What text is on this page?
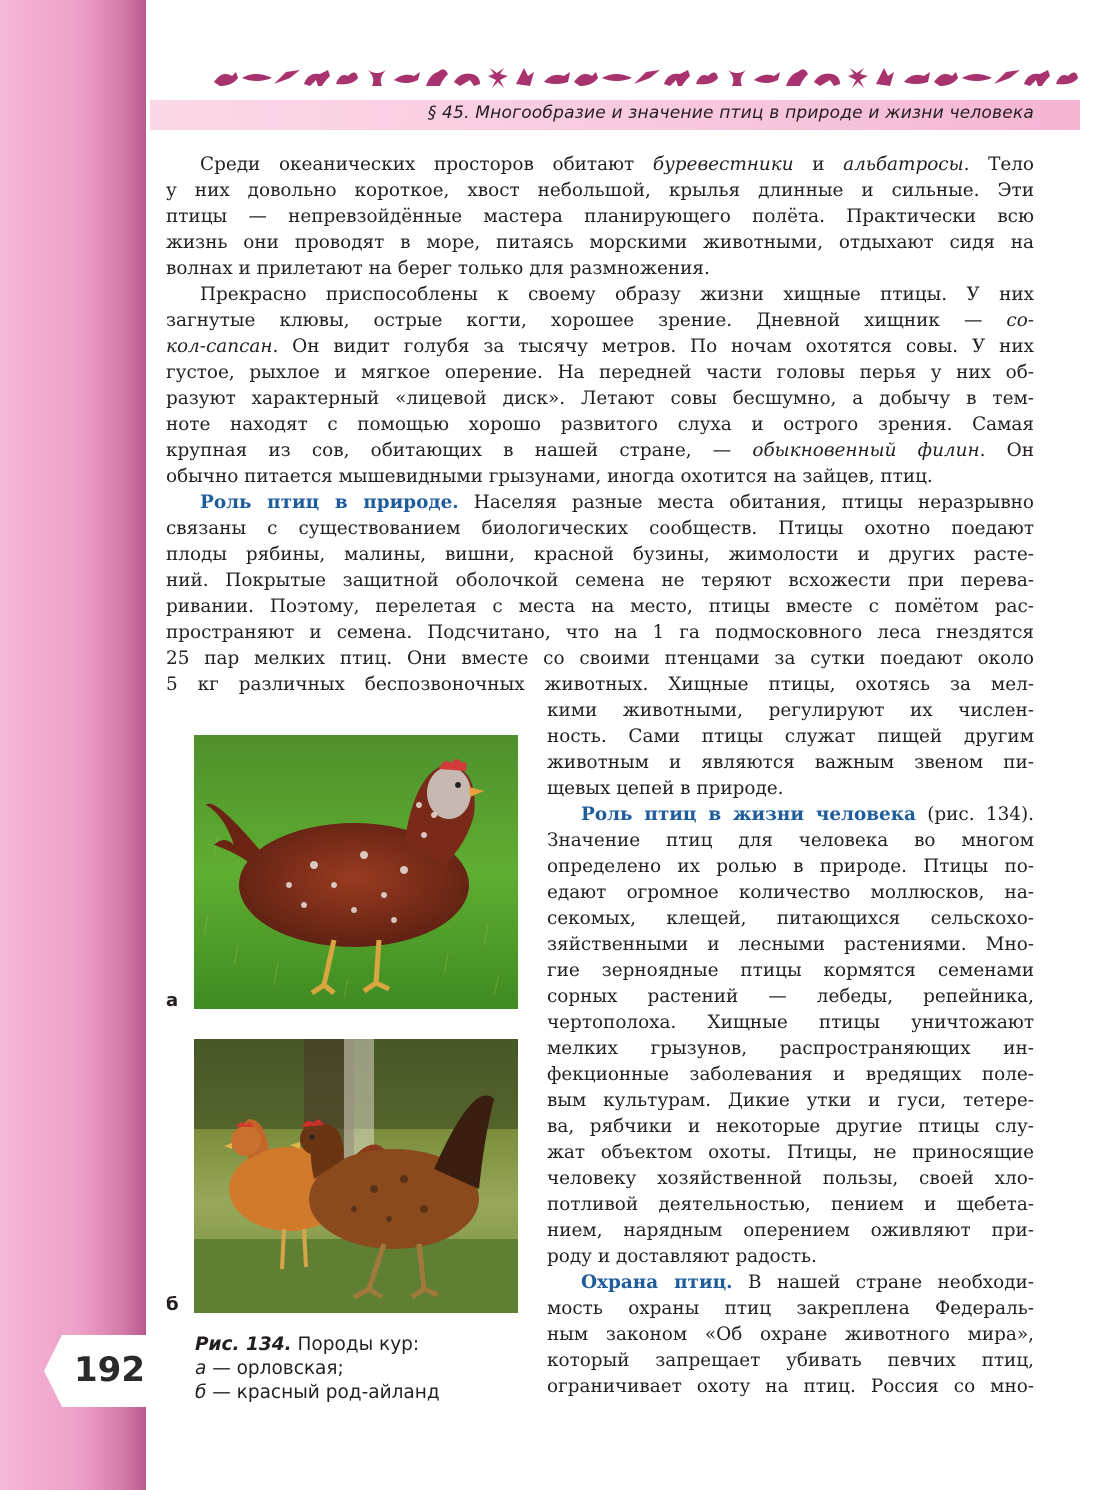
§ 45. Многообразие и значение птиц в природе и жизни человека
Среди океанических просторов обитают буревестники и альбатросы. Тело
у них довольно короткое, хвост небольшой, крылья длинные и сильные. Эти
птицы — непревзойдённые мастера планирующего полёта. Практически всю
жизнь они проводят в море, питаясь морскими животными, отдыхают сидя на
волнах и прилетают на берег только для размножения.
Прекрасно приспособлены к своему образу жизни хищные птицы. У них
загнутые клювы, острые когти, хорошее зрение. Дневной хищник — со-
кол-сапсан. Он видит голубя за тысячу метров. По ночам охотятся совы. У них
густое, рыхлое и мягкое оперение. На передней части головы перья у них об-
разуют характерный «лицевой диск». Летают совы бесшумно, а добычу в тем-
ноте находят с помощью хорошо развитого слуха и острого зрения. Самая
крупная из сов, обитающих в нашей стране, — обыкновенный филин. Он
обычно питается мышевидными грызунами, иногда охотится на зайцев, птиц.
Роль птиц в природе. Населяя разные места обитания, птицы неразрывно
связаны с существованием биологических сообществ. Птицы охотно поедают
плоды рябины, малины, вишни, красной бузины, жимолости и других расте-
ний. Покрытые защитной оболочкой семена не теряют всхожести при перева-
ривании. Поэтому, перелетая с места на место, птицы вместе с помётом рас-
пространяют и семена. Подсчитано, что на 1 га подмосковного леса гнездятся
25 пар мелких птиц. Они вместе со своими птенцами за сутки поедают около
5 кг различных беспозвоночных животных. Хищные птицы, охотясь за мел-
кими животными, регулируют их числен-
ность. Сами птицы служат пищей другим
животным и являются важным звеном пи-
щевых цепей в природе.
Роль птиц в жизни человека (рис. 134).
Значение птиц для человека во многом
определено их ролью в природе. Птицы по-
едают огромное количество моллюсков, на-
секомых, клещей, питающихся сельскохо-
зяйственными и лесными растениями. Мно-
гие зерноядные птицы кормятся семенами
сорных растений — лебеды, репейника,
чертополоха. Хищные птицы уничтожают
мелких грызунов, распространяющих ин-
фекционные заболевания и вредящих поле-
вым культурам. Дикие утки и гуси, тетере-
ва, рябчики и некоторые другие птицы слу-
жат объектом охоты. Птицы, не приносящие
человеку хозяйственной пользы, своей хло-
потливой деятельностью, пением и щебета-
нием, нарядным оперением оживляют при-
роду и доставляют радость.
Охрана птиц. В нашей стране необходи-
мость охраны птиц закреплена Федераль-
ным законом «Об охране животного мира»,
который запрещает убивать певчих птиц,
ограничивает охоту на птиц. Россия со мно-
а
б
Рис. 134. Породы кур:
а — орловская;
б — красный род-айланд
192
